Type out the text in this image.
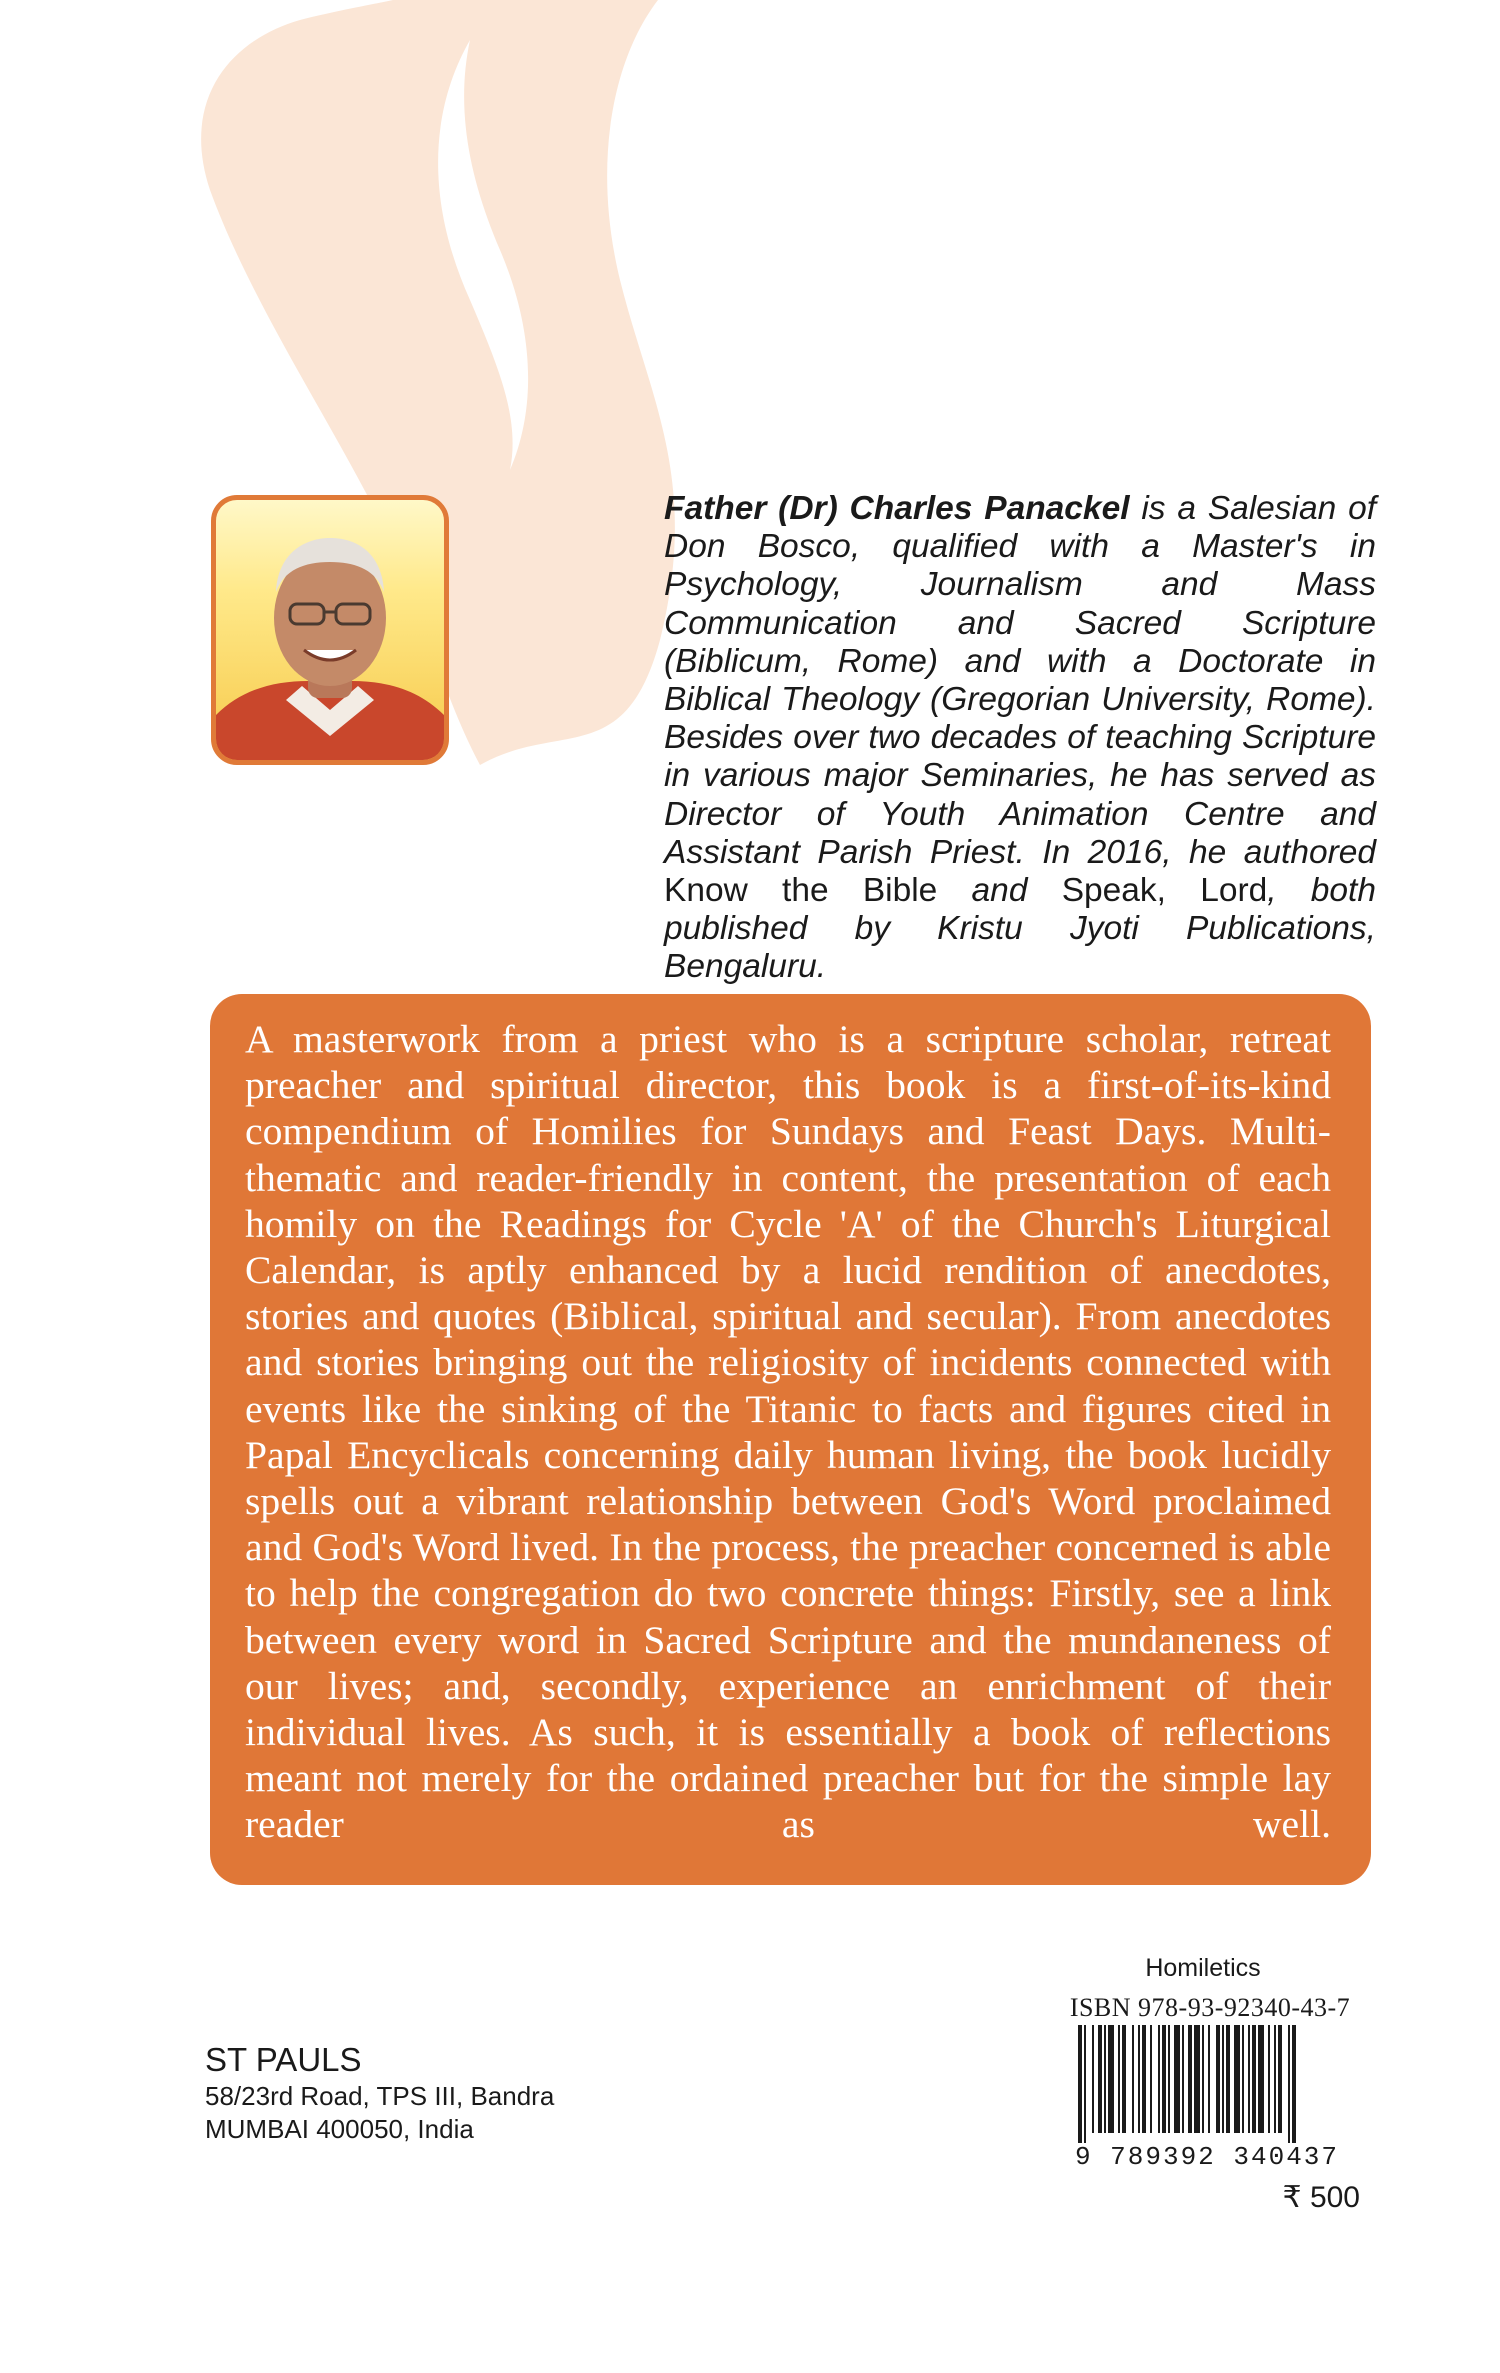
Father (Dr) Charles Panackel is a Salesian of Don Bosco, qualified with a Master's in Psychology, Journalism and Mass Communication and Sacred Scripture (Biblicum, Rome) and with a Doctorate in Biblical Theology (Gregorian University, Rome). Besides over two decades of teaching Scripture in various major Seminaries, he has served as Director of Youth Animation Centre and Assistant Parish Priest. In 2016, he authored Know the Bible and Speak, Lord, both published by Kristu Jyoti Publications, Bengaluru.

A masterwork from a priest who is a scripture scholar, retreat preacher and spiritual director, this book is a first-of-its-kind compendium of Homilies for Sundays and Feast Days. Multi-thematic and reader-friendly in content, the presentation of each homily on the Readings for Cycle 'A' of the Church's Liturgical Calendar, is aptly enhanced by a lucid rendition of anecdotes, stories and quotes (Biblical, spiritual and secular). From anecdotes and stories bringing out the religiosity of incidents connected with events like the sinking of the Titanic to facts and figures cited in Papal Encyclicals concerning daily human living, the book lucidly spells out a vibrant relationship between God's Word proclaimed and God's Word lived. In the process, the preacher concerned is able to help the congregation do two concrete things: Firstly, see a link between every word in Sacred Scripture and the mundaneness of our lives; and, secondly, experience an enrichment of their individual lives. As such, it is essentially a book of reflections meant not merely for the ordained preacher but for the simple lay reader as well.

Homiletics
ISBN 978-93-92340-43-7
9 789392 340437
₹ 500
ST PAULS
58/23rd Road, TPS III, Bandra
MUMBAI 400050, India
